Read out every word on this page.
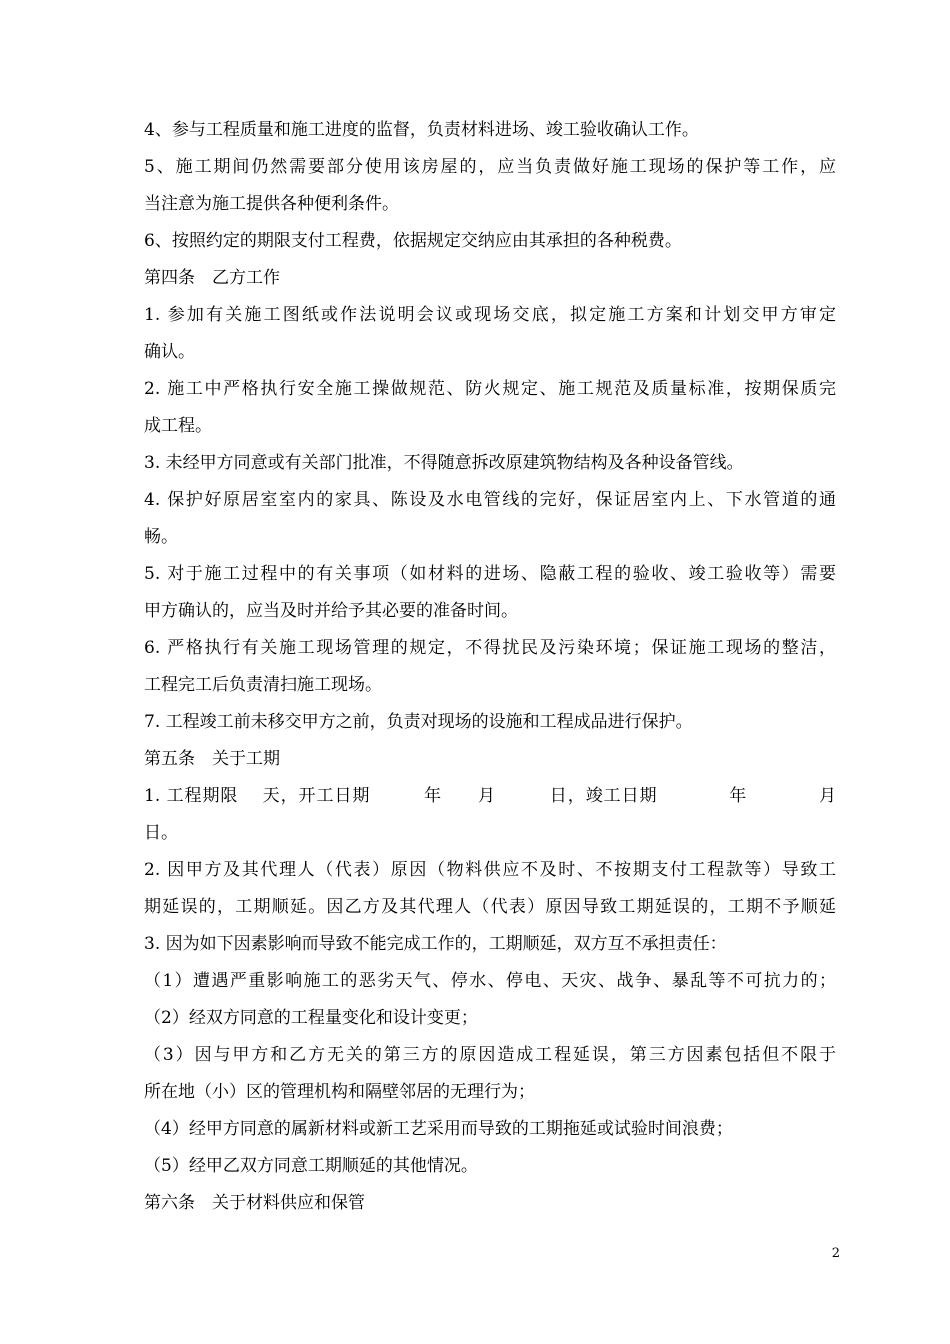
4、参与工程质量和施工进度的监督，负责材料进场、竣工验收确认工作。
5、施工期间仍然需要部分使用该房屋的，应当负责做好施工现场的保护等工作，应
当注意为施工提供各种便利条件。
6、按照约定的期限支付工程费，依据规定交纳应由其承担的各种税费。
第四条　乙方工作
1. 参加有关施工图纸或作法说明会议或现场交底，拟定施工方案和计划交甲方审定
确认。
2. 施工中严格执行安全施工操做规范、防火规定、施工规范及质量标准，按期保质完
成工程。
3. 未经甲方同意或有关部门批准，不得随意拆改原建筑物结构及各种设备管线。
4. 保护好原居室室内的家具、陈设及水电管线的完好，保证居室内上、下水管道的通
畅。
5. 对于施工过程中的有关事项（如材料的进场、隐蔽工程的验收、竣工验收等）需要
甲方确认的，应当及时并给予其必要的准备时间。
6. 严格执行有关施工现场管理的规定，不得扰民及污染环境；保证施工现场的整洁，
工程完工后负责清扫施工现场。
7. 工程竣工前未移交甲方之前，负责对现场的设施和工程成品进行保护。
第五条　关于工期
1. 工程期限　 天，开工日期　　　年　　月　　　日，竣工日期　　　　年　　　　月
日。
2. 因甲方及其代理人（代表）原因（物料供应不及时、不按期支付工程款等）导致工
期延误的，工期顺延。因乙方及其代理人（代表）原因导致工期延误的，工期不予顺延
3. 因为如下因素影响而导致不能完成工作的，工期顺延，双方互不承担责任：
（1）遭遇严重影响施工的恶劣天气、停水、停电、天灾、战争、暴乱等不可抗力的；
（2）经双方同意的工程量变化和设计变更；
（3）因与甲方和乙方无关的第三方的原因造成工程延误，第三方因素包括但不限于
所在地（小）区的管理机构和隔壁邻居的无理行为；
（4）经甲方同意的属新材料或新工艺采用而导致的工期拖延或试验时间浪费；
（5）经甲乙双方同意工期顺延的其他情况。
第六条　关于材料供应和保管
2
